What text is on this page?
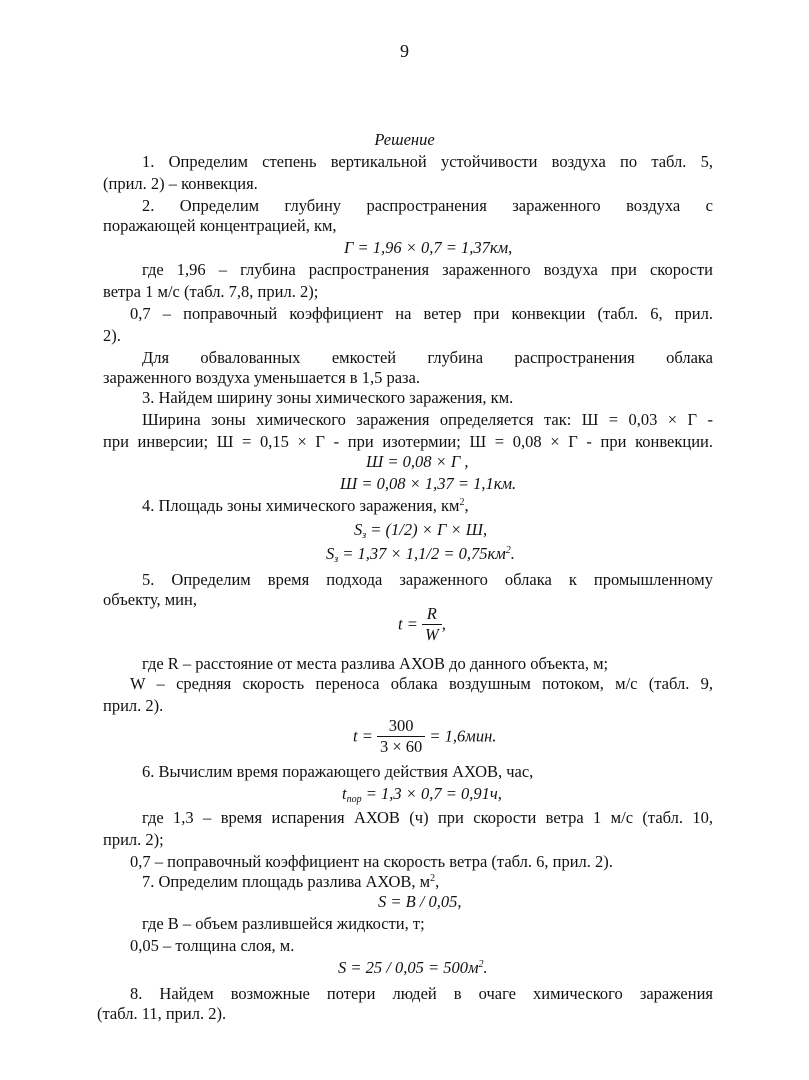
9
Решение
1. Определим степень вертикальной устойчивости воздуха по табл. 5,
(прил. 2) – конвекция.
2. Определим глубину распространения зараженного воздуха с
поражающей концентрацией, км,
Г = 1,96 × 0,7 = 1,37км,
где 1,96 – глубина распространения зараженного воздуха при скорости
ветра 1 м/с (табл. 7,8, прил. 2);
0,7 – поправочный коэффициент на ветер при конвекции (табл. 6, прил.
2).
Для обвалованных емкостей глубина распространения облака
зараженного воздуха уменьшается в 1,5 раза.
3. Найдем ширину зоны химического заражения, км.
Ширина зоны химического заражения определяется так: Ш = 0,03 × Г -
при инверсии; Ш = 0,15 × Г - при изотермии; Ш = 0,08 × Г - при конвекции.
Ш = 0,08 × Г ,
Ш = 0,08 × 1,37 = 1,1км.
4. Площадь зоны химического заражения, $км^2$,
$S_з = (1/2) \times Г \times Ш$,
$S_з = 1,37 \times 1,1/2 = 0,75км^2$.
5. Определим время подхода зараженного облака к промышленному
объекту, мин,
$t = \frac{R}{W}$ ,
где R – расстояние от места разлива АХОВ до данного объекта, м;
W – средняя скорость переноса облака воздушным потоком, м/с (табл. 9,
прил. 2).
$t = \frac{300}{3 \times 60} = 1,6мин$.
6. Вычислим время поражающего действия АХОВ, час,
$t_{пор} = 1,3 \times 0,7 = 0,91ч$,
где 1,3 – время испарения АХОВ (ч) при скорости ветра 1 м/с (табл. 10,
прил. 2);
0,7 – поправочный коэффициент на скорость ветра (табл. 6, прил. 2).
7. Определим площадь разлива АХОВ, $м^2$,
S = B / 0,05,
где B – объем разлившейся жидкости, т;
0,05 – толщина слоя, м.
$S = 25 / 0,05 = 500м^2$.
8. Найдем возможные потери людей в очаге химического заражения
(табл. 11, прил. 2).
